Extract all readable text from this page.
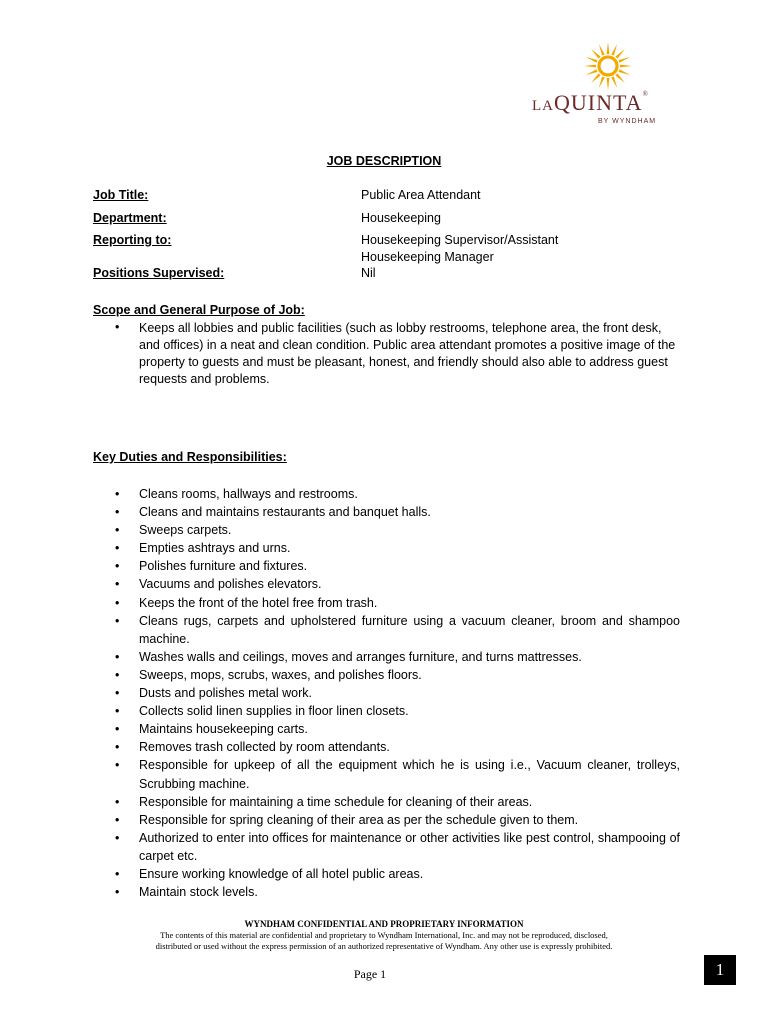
LAQUINTA®
BY WYNDHAM
JOB DESCRIPTION
Job Title:	Public Area Attendant
Department:	Housekeeping
Reporting to:	Housekeeping Supervisor/Assistant
Housekeeping Manager
Positions Supervised:	Nil
Scope and General Purpose of Job:
• Keeps all lobbies and public facilities (such as lobby restrooms, telephone area, the front desk, and offices) in a neat and clean condition. Public area attendant promotes a positive image of the property to guests and must be pleasant, honest, and friendly should also able to address guest requests and problems.
Key Duties and Responsibilities:
• Cleans rooms, hallways and restrooms.
• Cleans and maintains restaurants and banquet halls.
• Sweeps carpets.
• Empties ashtrays and urns.
• Polishes furniture and fixtures.
• Vacuums and polishes elevators.
• Keeps the front of the hotel free from trash.
• Cleans rugs, carpets and upholstered furniture using a vacuum cleaner, broom and shampoo machine.
• Washes walls and ceilings, moves and arranges furniture, and turns mattresses.
• Sweeps, mops, scrubs, waxes, and polishes floors.
• Dusts and polishes metal work.
• Collects solid linen supplies in floor linen closets.
• Maintains housekeeping carts.
• Removes trash collected by room attendants.
• Responsible for upkeep of all the equipment which he is using i.e., Vacuum cleaner, trolleys, Scrubbing machine.
• Responsible for maintaining a time schedule for cleaning of their areas.
• Responsible for spring cleaning of their area as per the schedule given to them.
• Authorized to enter into offices for maintenance or other activities like pest control, shampooing of carpet etc.
• Ensure working knowledge of all hotel public areas.
• Maintain stock levels.
WYNDHAM CONFIDENTIAL AND PROPRIETARY INFORMATION
The contents of this material are confidential and proprietary to Wyndham International, Inc. and may not be reproduced, disclosed,
distributed or used without the express permission of an authorized representative of Wyndham. Any other use is expressly prohibited.
Page 1	1
